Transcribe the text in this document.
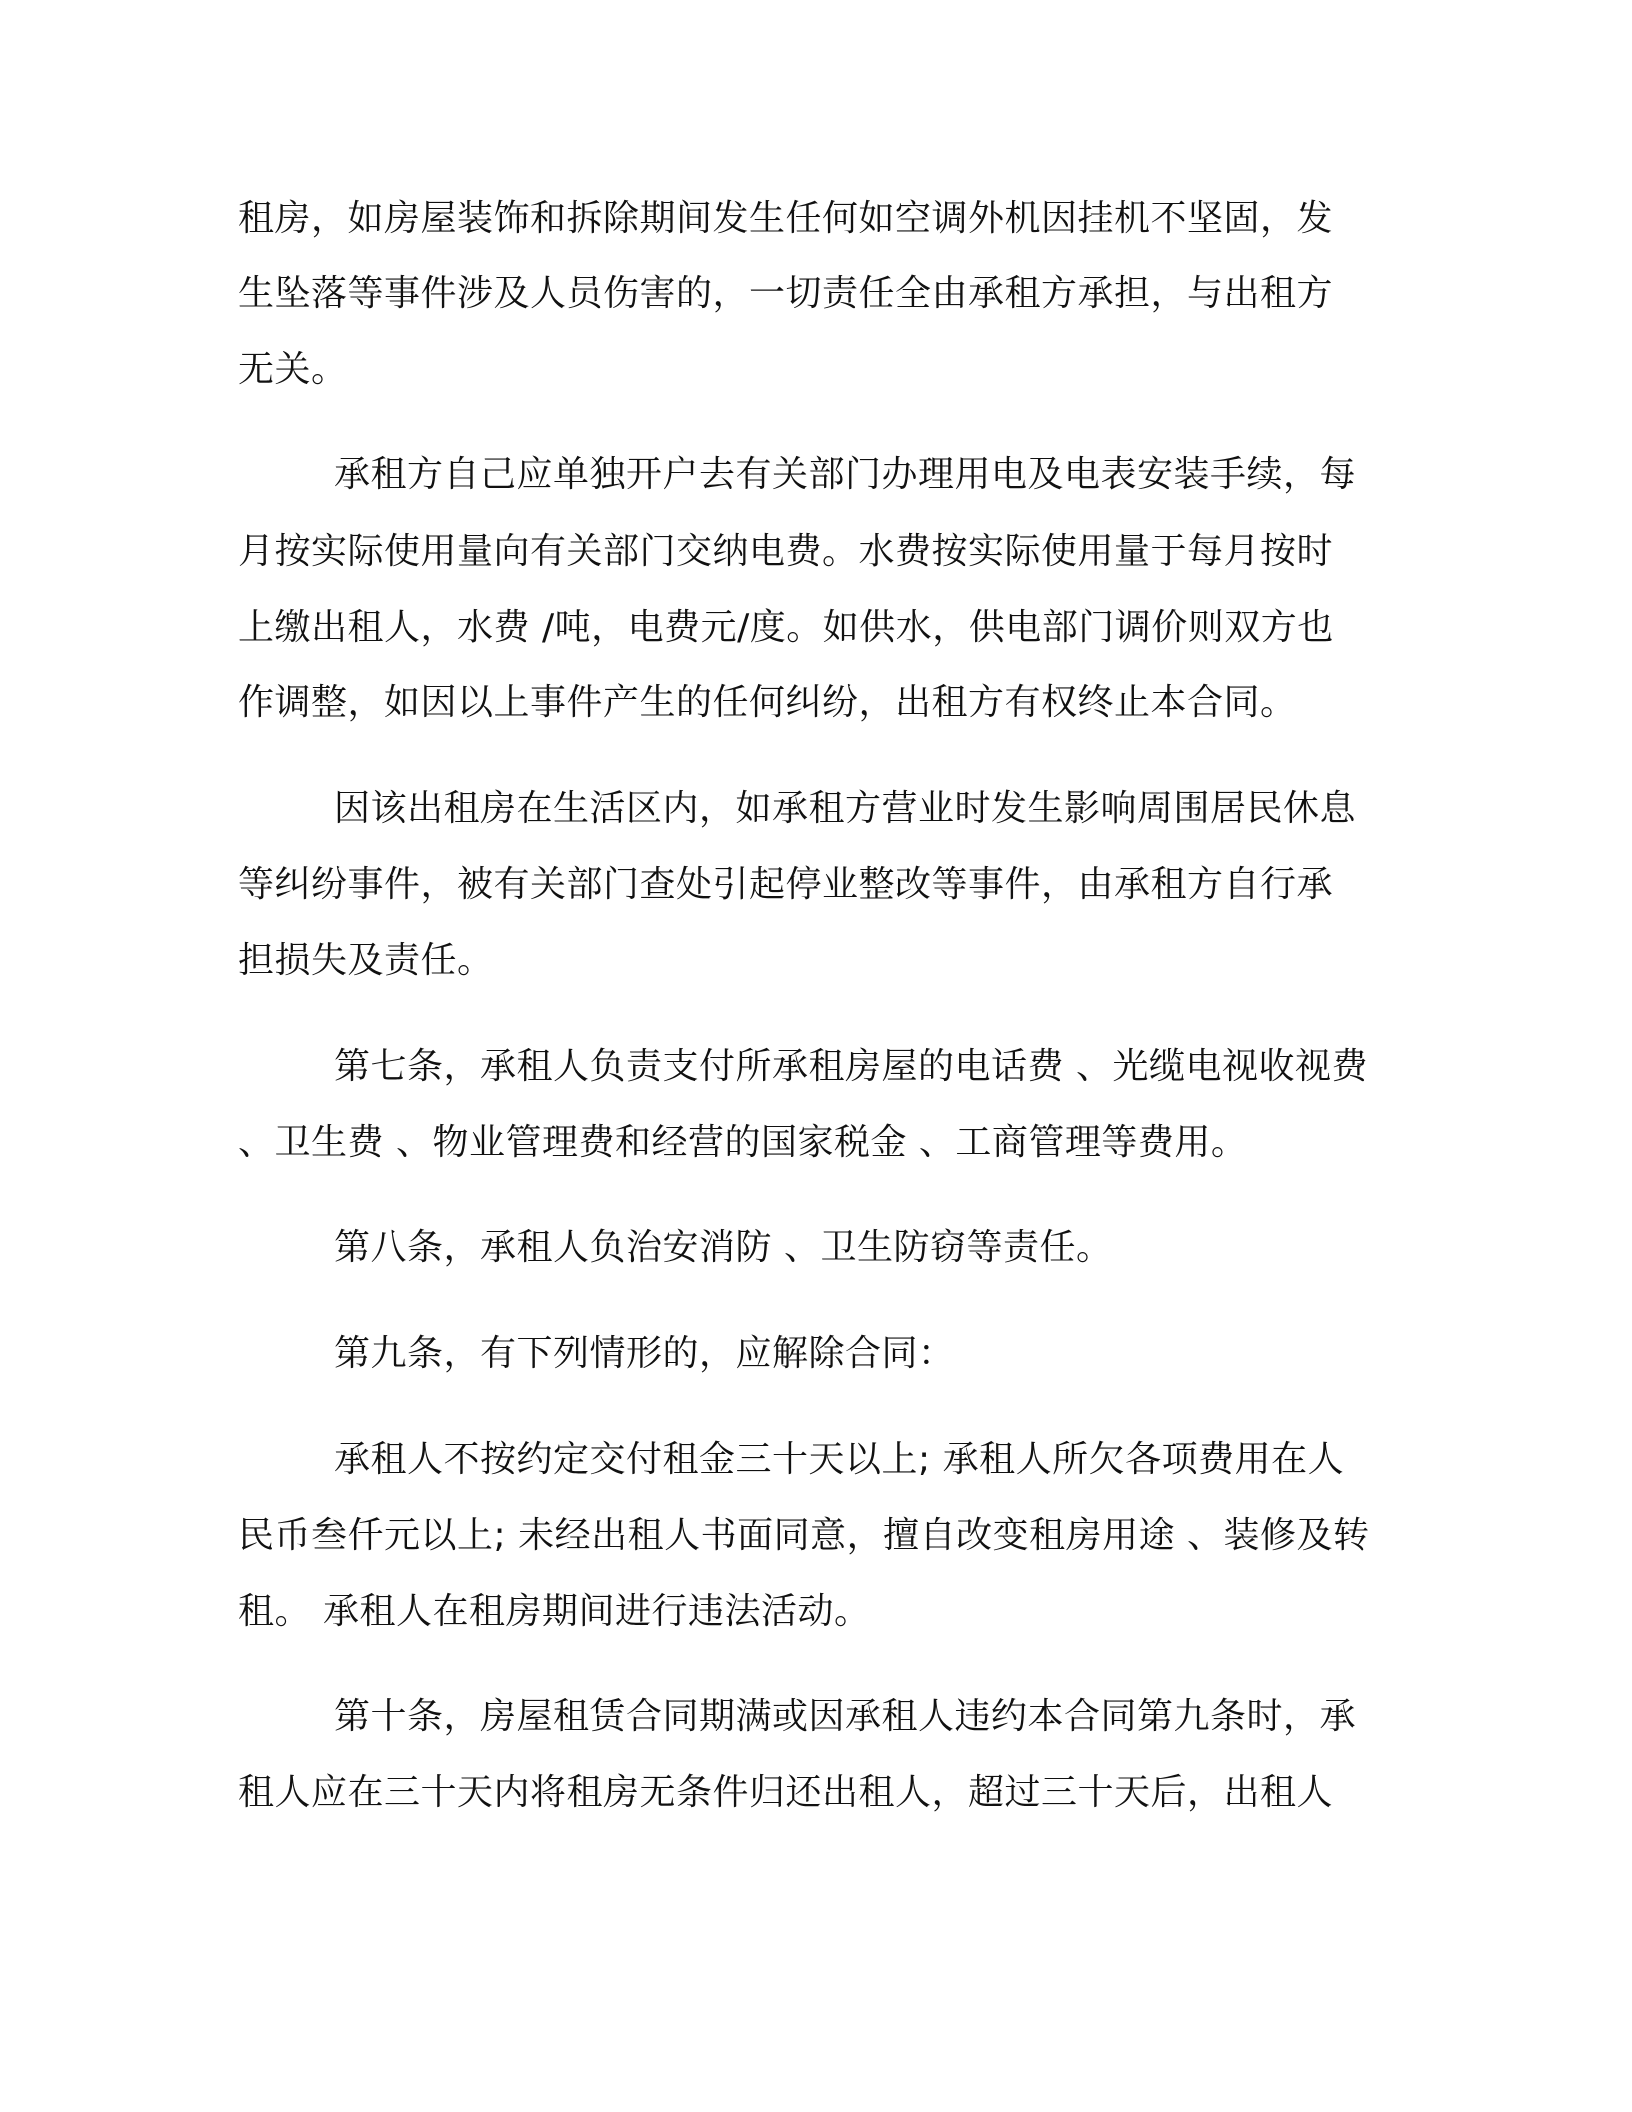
租房，如房屋装饰和拆除期间发生任何如空调外机因挂机不坚固，发
生坠落等事件涉及人员伤害的，一切责任全由承租方承担，与出租方
无关。
承租方自己应单独开户去有关部门办理用电及电表安装手续，每
月按实际使用量向有关部门交纳电费。水费按实际使用量于每月按时
上缴出租人，水费 /吨，电费元/度。如供水，供电部门调价则双方也
作调整，如因以上事件产生的任何纠纷，出租方有权终止本合同。
因该出租房在生活区内，如承租方营业时发生影响周围居民休息
等纠纷事件，被有关部门查处引起停业整改等事件，由承租方自行承
担损失及责任。
第七条，承租人负责支付所承租房屋的电话费 、光缆电视收视费
、卫生费 、物业管理费和经营的国家税金 、工商管理等费用。
第八条，承租人负治安消防 、卫生防窃等责任。
第九条，有下列情形的，应解除合同：
承租人不按约定交付租金三十天以上; 承租人所欠各项费用在人
民币叁仟元以上; 未经出租人书面同意，擅自改变租房用途 、装修及转
租。 承租人在租房期间进行违法活动。
第十条，房屋租赁合同期满或因承租人违约本合同第九条时，承
租人应在三十天内将租房无条件归还出租人，超过三十天后，出租人
